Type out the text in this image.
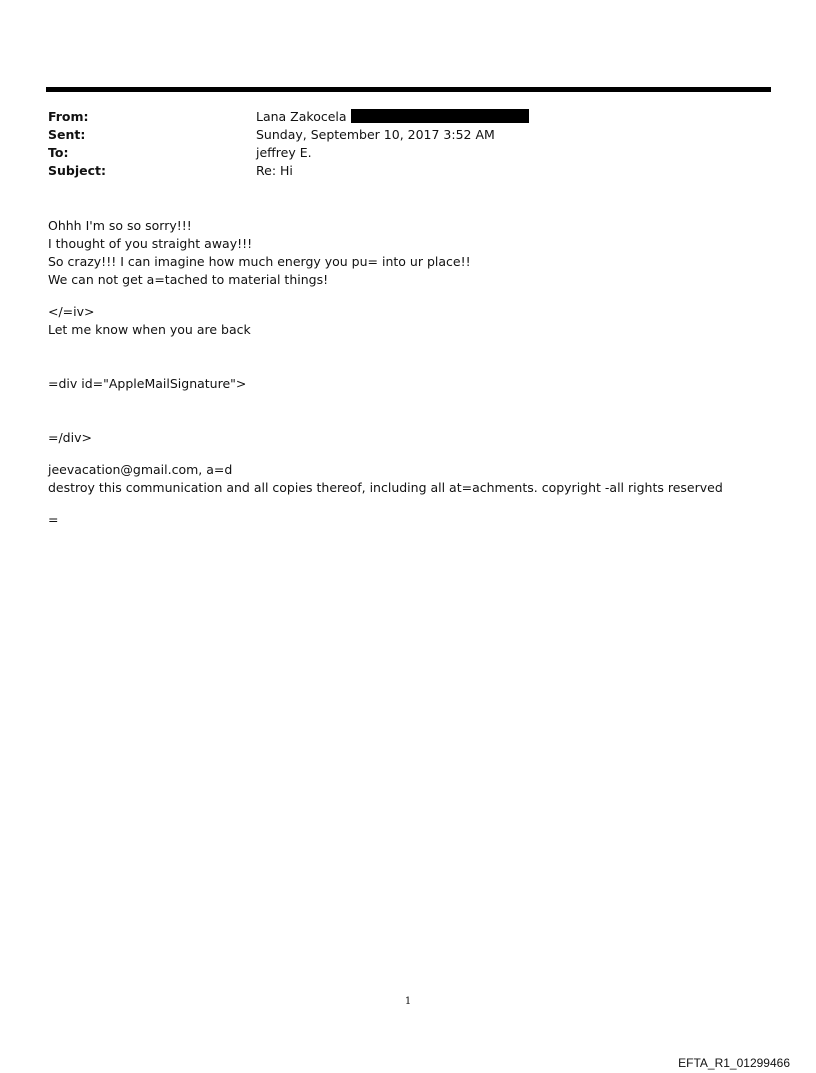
From:	Lana Zakocela
Sent:	Sunday, September 10, 2017 3:52 AM
To:	jeffrey E.
Subject:	Re: Hi
Ohhh I'm so so sorry!!!
I thought of you straight away!!!
So crazy!!! I can imagine how much energy you pu= into ur place!!
We can not get a=tached to material things!
</=iv>
Let me know when you are back
=div id="AppleMailSignature">
=/div>
jeevacation@gmail.com, a=d
destroy this communication and all copies thereof, including all at=achments. copyright -all rights reserved
=
1
EFTA_R1_01299466
